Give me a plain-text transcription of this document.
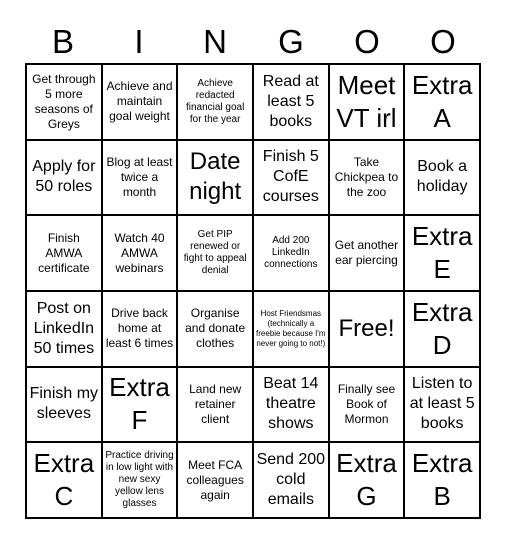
B	I	N	G	O	O
Get through 5 more seasons of Greys
Achieve and maintain goal weight
Achieve redacted financial goal for the year
Read at least 5 books
Meet VT irl
Extra A
Apply for 50 roles
Blog at least twice a month
Date night
Finish 5 CofE courses
Take Chickpea to the zoo
Book a holiday
Finish AMWA certificate
Watch 40 AMWA webinars
Get PIP renewed or fight to appeal denial
Add 200 LinkedIn connections
Get another ear piercing
Extra E
Post on LinkedIn 50 times
Drive back home at least 6 times
Organise and donate clothes
Host Friendsmas (technically a freebie because I'm never going to not!)
Free!
Extra D
Finish my sleeves
Extra F
Land new retainer client
Beat 14 theatre shows
Finally see Book of Mormon
Listen to at least 5 books
Extra C
Practice driving in low light with new sexy yellow lens glasses
Meet FCA colleagues again
Send 200 cold emails
Extra G
Extra B
